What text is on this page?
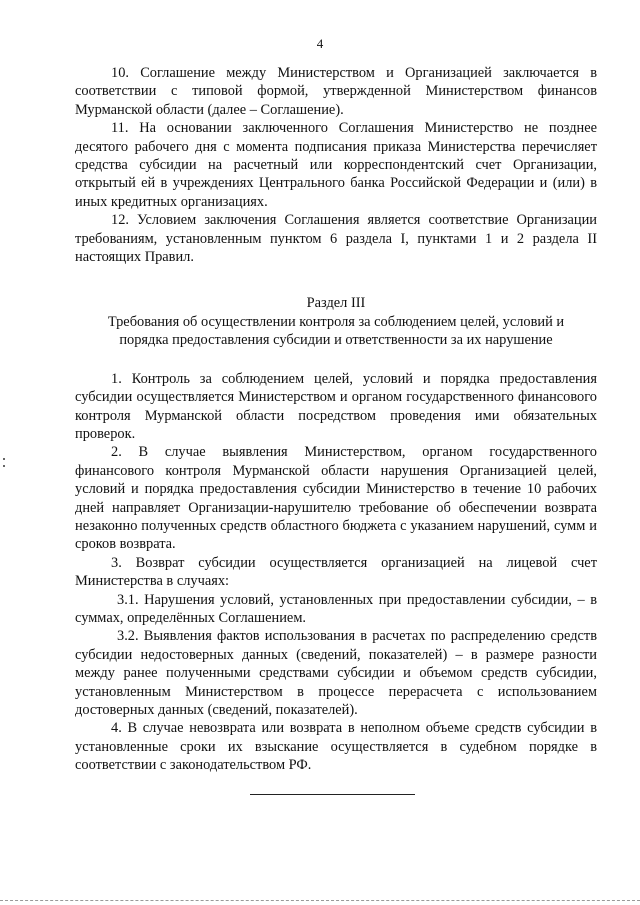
4

10. Соглашение между Министерством и Организацией заключается в соответствии с типовой формой, утвержденной Министерством финансов Мурманской области (далее – Соглашение).

11. На основании заключенного Соглашения Министерство не позднее десятого рабочего дня с момента подписания приказа Министерства перечисляет средства субсидии на расчетный или корреспондентский счет Организации, открытый ей в учреждениях Центрального банка Российской Федерации и (или) в иных кредитных организациях.

12. Условием заключения Соглашения является соответствие Организации требованиям, установленным пунктом 6 раздела I, пунктами 1 и 2 раздела II настоящих Правил.

Раздел III

Требования об осуществлении контроля за соблюдением целей, условий и порядка предоставления субсидии и ответственности за их нарушение

1. Контроль за соблюдением целей, условий и порядка предоставления субсидии осуществляется Министерством и органом государственного финансового контроля Мурманской области посредством проведения ими обязательных проверок.

2. В случае выявления Министерством, органом государственного финансового контроля Мурманской области нарушения Организацией целей, условий и порядка предоставления субсидии Министерство в течение 10 рабочих дней направляет Организации-нарушителю требование об обеспечении возврата незаконно полученных средств областного бюджета с указанием нарушений, сумм и сроков возврата.

3. Возврат субсидии осуществляется организацией на лицевой счет Министерства в случаях:

3.1. Нарушения условий, установленных при предоставлении субсидии, – в суммах, определённых Соглашением.

3.2. Выявления фактов использования в расчетах по распределению средств субсидии недостоверных данных (сведений, показателей) – в размере разности между ранее полученными средствами субсидии и объемом средств субсидии, установленным Министерством в процессе перерасчета с использованием достоверных данных (сведений, показателей).

4. В случае невозврата или возврата в неполном объеме средств субсидии в установленные сроки их взыскание осуществляется в судебном порядке в соответствии с законодательством РФ.
